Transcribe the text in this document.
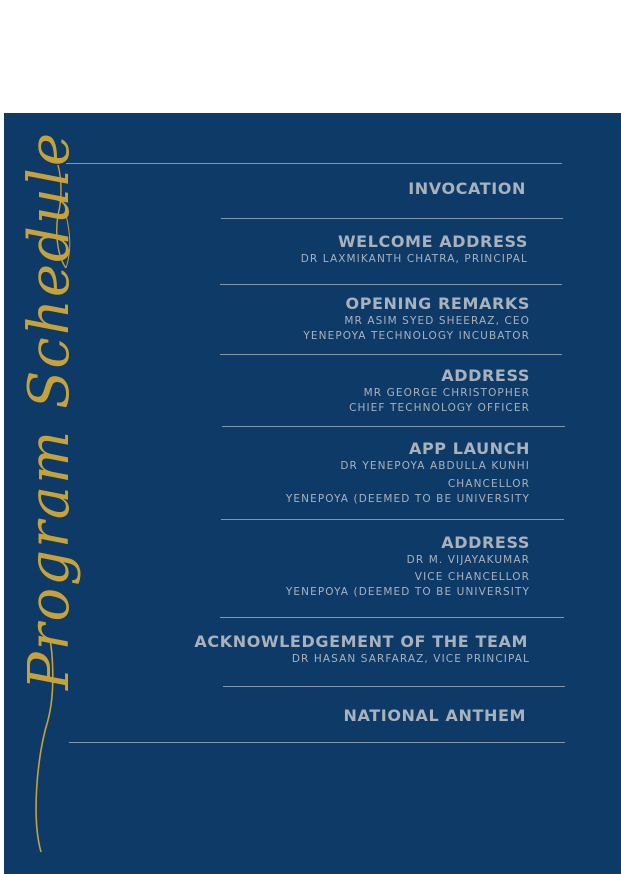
Program Schedule	INVOCATION
WELCOME ADDRESS
DR LAXMIKANTH CHATRA, PRINCIPAL
OPENING REMARKS
MR ASIM SYED SHEERAZ, CEO
YENEPOYA TECHNOLOGY INCUBATOR
ADDRESS
MR GEORGE CHRISTOPHER
CHIEF TECHNOLOGY OFFICER
APP LAUNCH
DR YENEPOYA ABDULLA KUNHI
CHANCELLOR
YENEPOYA (DEEMED TO BE UNIVERSITY
ADDRESS
DR M. VIJAYAKUMAR
VICE CHANCELLOR
YENEPOYA (DEEMED TO BE UNIVERSITY
ACKNOWLEDGEMENT OF THE TEAM
DR HASAN SARFARAZ, VICE PRINCIPAL
NATIONAL ANTHEM
